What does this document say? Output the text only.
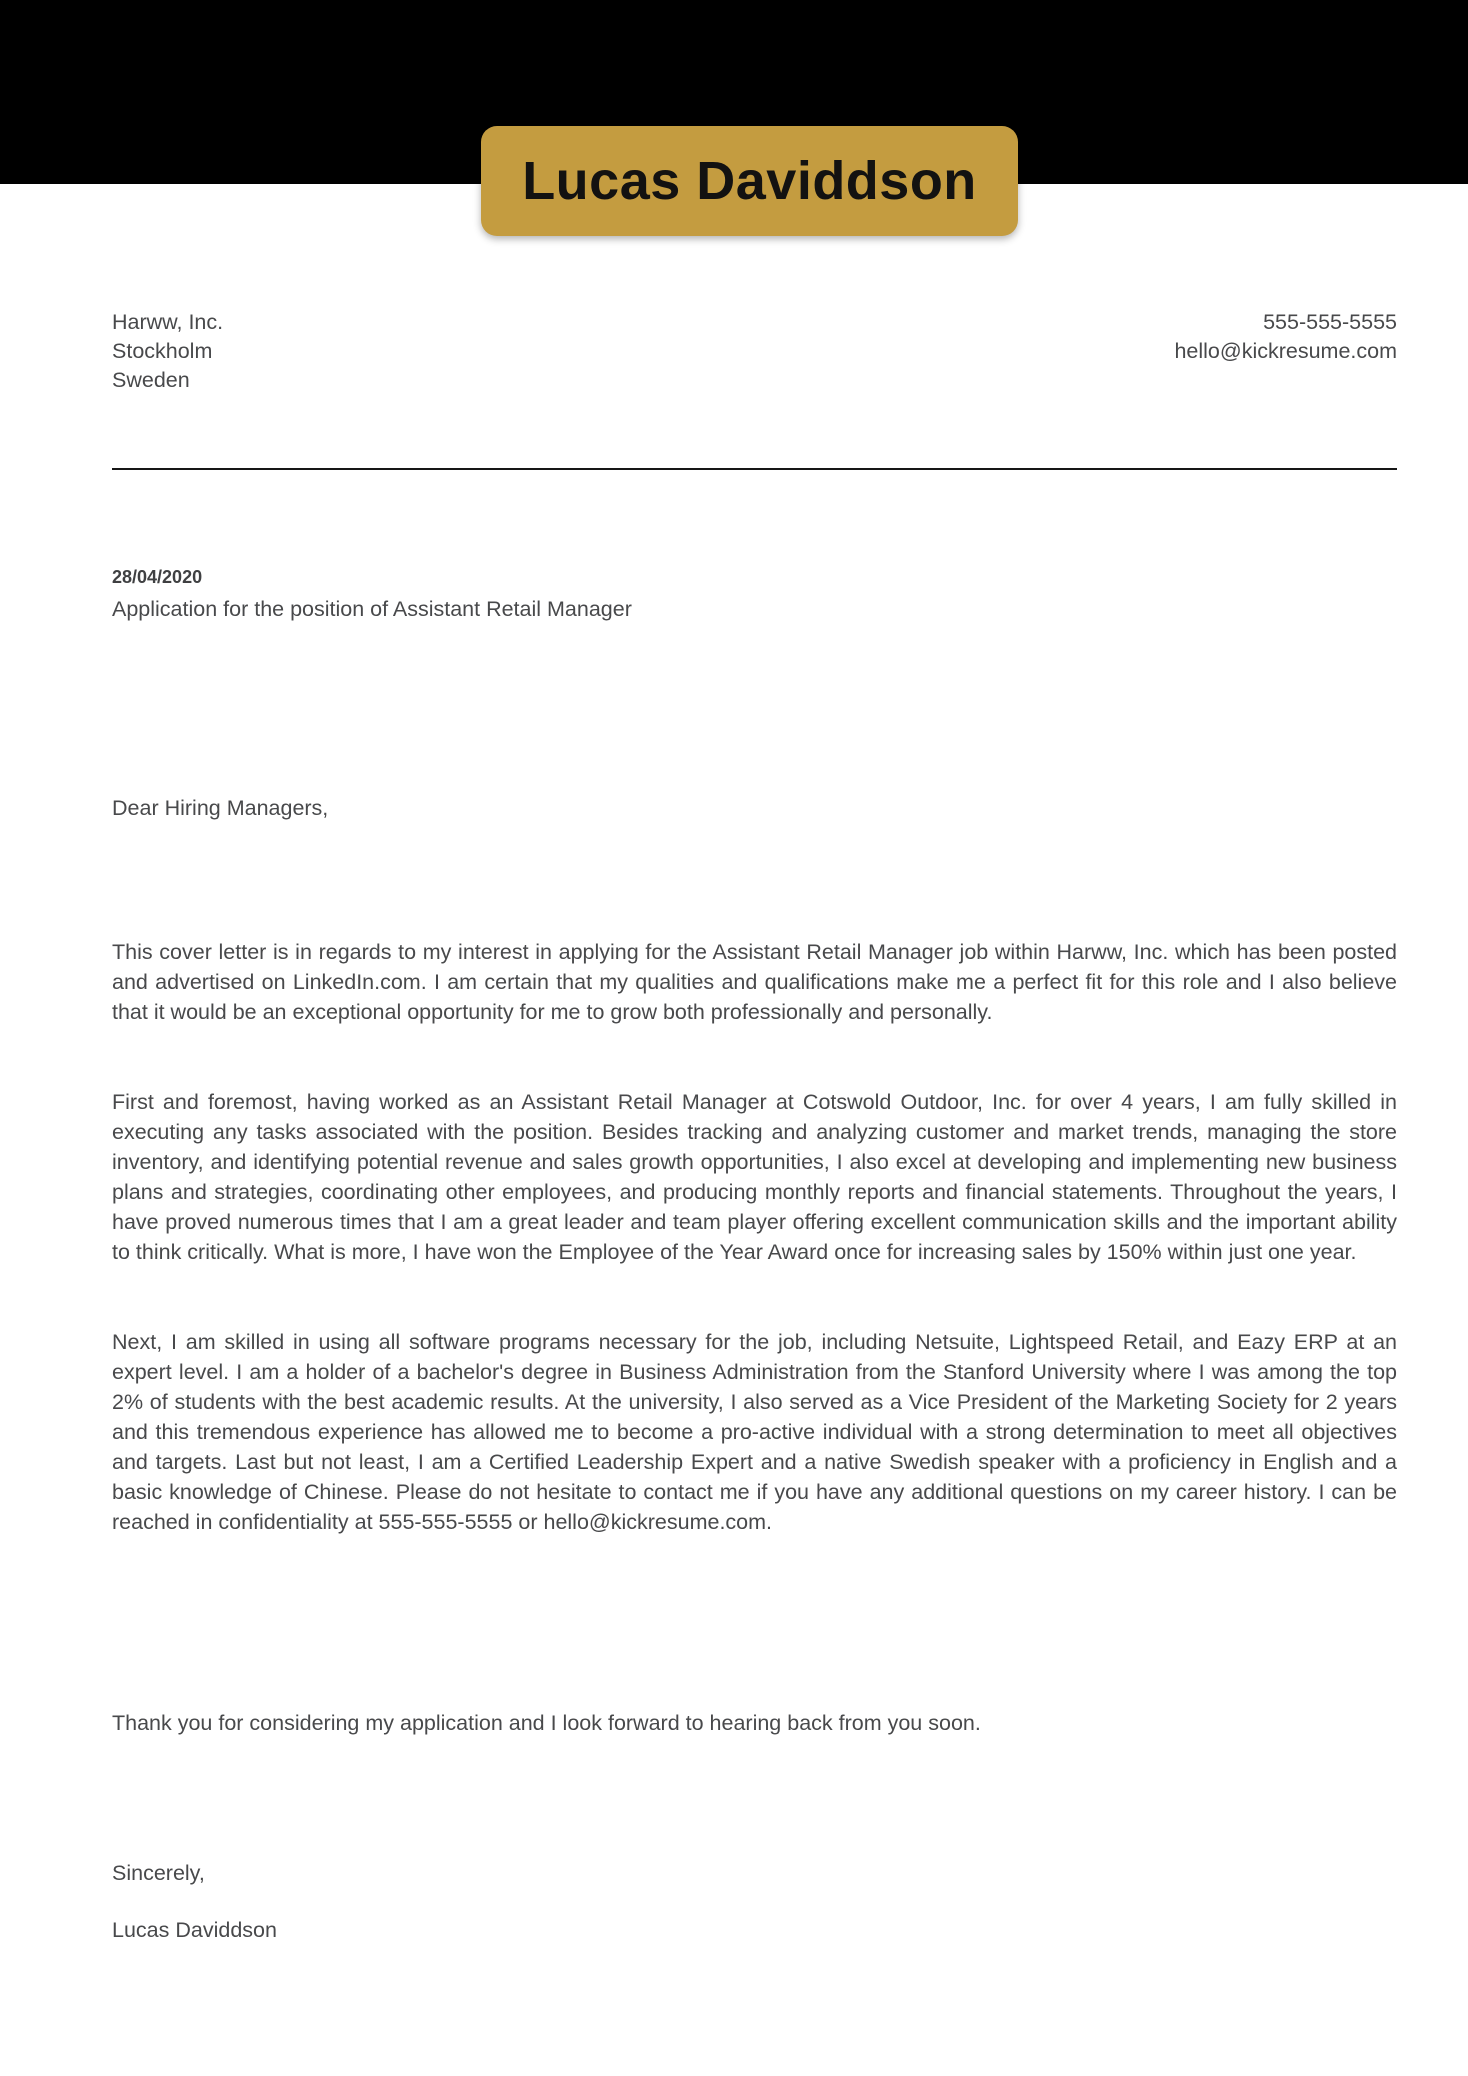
Lucas Daviddson
Harww, Inc.
Stockholm
Sweden
555-555-5555
hello@kickresume.com
28/04/2020
Application for the position of Assistant Retail Manager
Dear Hiring Managers,

This cover letter is in regards to my interest in applying for the Assistant Retail Manager job within Harww, Inc. which has been posted and advertised on LinkedIn.com. I am certain that my qualities and qualifications make me a perfect fit for this role and I also believe that it would be an exceptional opportunity for me to grow both professionally and personally.

First and foremost, having worked as an Assistant Retail Manager at Cotswold Outdoor, Inc. for over 4 years, I am fully skilled in executing any tasks associated with the position. Besides tracking and analyzing customer and market trends, managing the store inventory, and identifying potential revenue and sales growth opportunities, I also excel at developing and implementing new business plans and strategies, coordinating other employees, and producing monthly reports and financial statements. Throughout the years, I have proved numerous times that I am a great leader and team player offering excellent communication skills and the important ability to think critically. What is more, I have won the Employee of the Year Award once for increasing sales by 150% within just one year.

Next, I am skilled in using all software programs necessary for the job, including Netsuite, Lightspeed Retail, and Eazy ERP at an expert level. I am a holder of a bachelor's degree in Business Administration from the Stanford University where I was among the top 2% of students with the best academic results. At the university, I also served as a Vice President of the Marketing Society for 2 years and this tremendous experience has allowed me to become a pro-active individual with a strong determination to meet all objectives and targets. Last but not least, I am a Certified Leadership Expert and a native Swedish speaker with a proficiency in English and a basic knowledge of Chinese. Please do not hesitate to contact me if you have any additional questions on my career history. I can be reached in confidentiality at 555-555-5555 or hello@kickresume.com.

Thank you for considering my application and I look forward to hearing back from you soon.
Sincerely,
Lucas Daviddson
